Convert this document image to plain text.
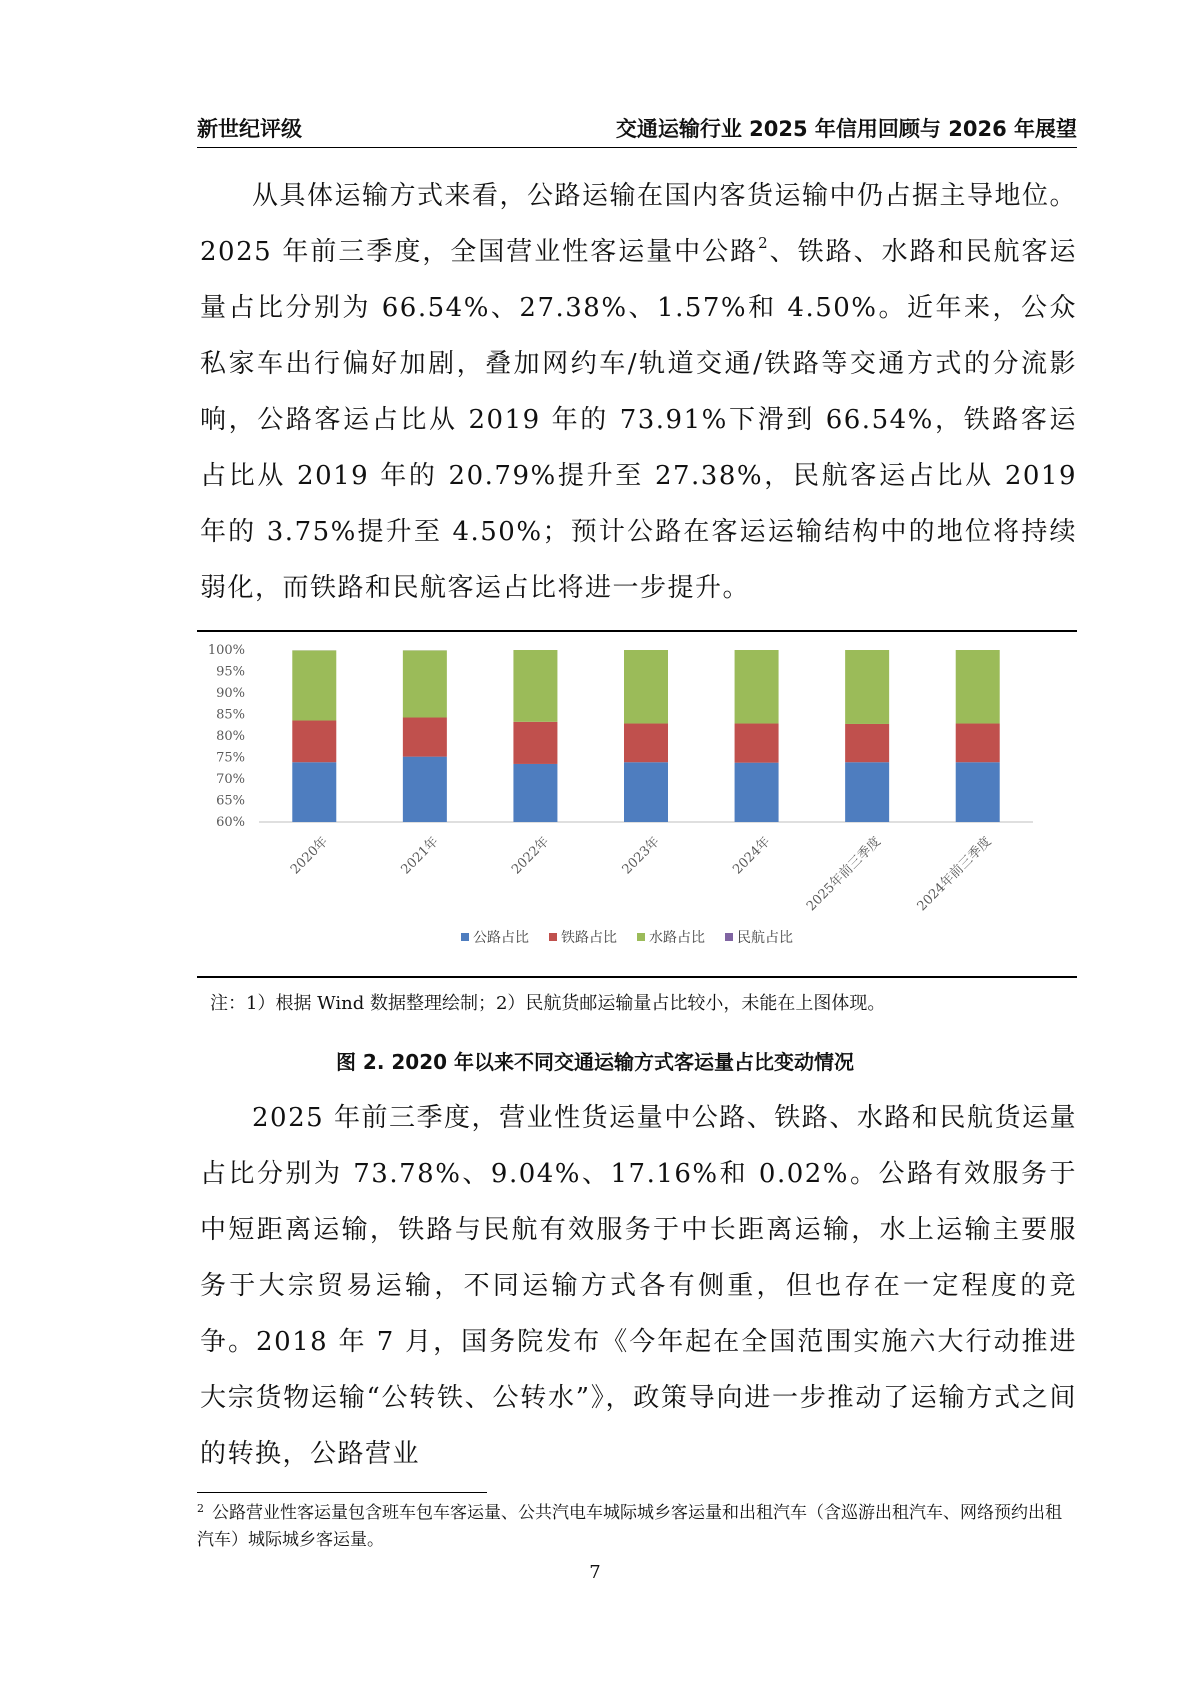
新世纪评级	交通运输行业 2025 年信用回顾与 2026 年展望
从具体运输方式来看，公路运输在国内客货运输中仍占据主导地位。2025 年前三季度，全国营业性客运量中公路$^2$、铁路、水路和民航客运量占比分别为 66.54%、27.38%、1.57%和 4.50%。近年来，公众私家车出行偏好加剧，叠加网约车/轨道交通/铁路等交通方式的分流影响，公路客运占比从 2019 年的 73.91%下滑到 66.54%，铁路客运占比从 2019 年的 20.79%提升至 27.38%，民航客运占比从 2019 年的 3.75%提升至 4.50%；预计公路在客运运输结构中的地位将持续弱化，而铁路和民航客运占比将进一步提升。
60%
65%
70%
75%
80%
85%
90%
95%
100%
2020年	2021年	2022年	2023年	2024年 2025年前三季度 2024年前三季度
公路占比 铁路占比 水路占比 民航占比
注：1）根据 Wind 数据整理绘制；2）民航货邮运输量占比较小，未能在上图体现。
图 2. 2020 年以来不同交通运输方式客运量占比变动情况
2025 年前三季度，营业性货运量中公路、铁路、水路和民航货运量占比分别为 73.78%、9.04%、17.16%和 0.02%。公路有效服务于中短距离运输，铁路与民航有效服务于中长距离运输，水上运输主要服务于大宗贸易运输，不同运输方式各有侧重，但也存在一定程度的竞争。2018 年 7 月，国务院发布《今年起在全国范围实施六大行动推进大宗货物运输“公转铁、公转水”》，政策导向进一步推动了运输方式之间的转换，公路营业
$^2$ 公路营业性客运量包含班车包车客运量、公共汽电车城际城乡客运量和出租汽车（含巡游出租汽车、网络预约出租汽车）城际城乡客运量。
7
